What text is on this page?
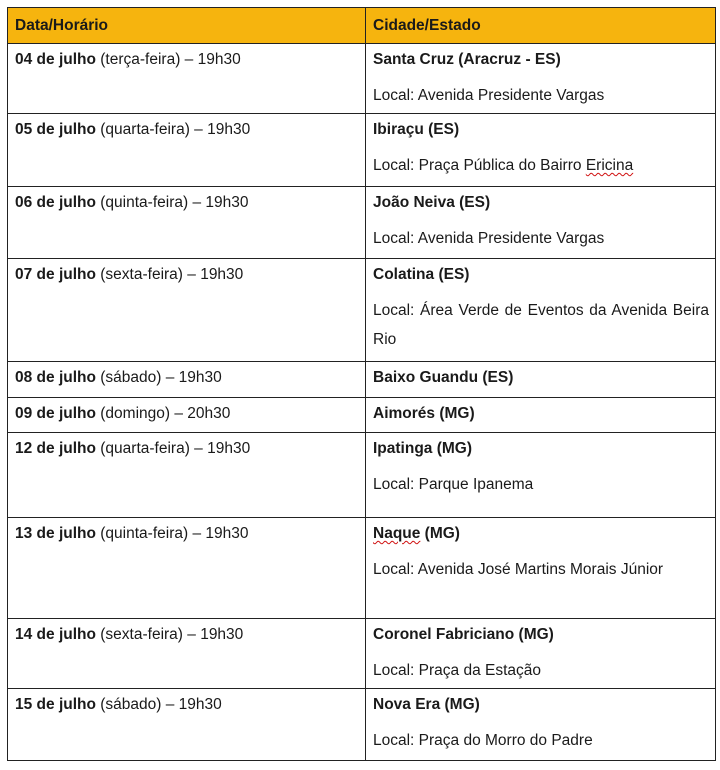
Data/Horário	Cidade/Estado
04 de julho (terça-feira) – 19h30	Santa Cruz (Aracruz - ES)
Local: Avenida Presidente Vargas

05 de julho (quarta-feira) – 19h30	Ibiraçu (ES)
Local: Praça Pública do Bairro Ericina

06 de julho (quinta-feira) – 19h30	João Neiva (ES)
Local: Avenida Presidente Vargas

07 de julho (sexta-feira) – 19h30	Colatina (ES)
Local: Área Verde de Eventos da Avenida Beira Rio

08 de julho (sábado) – 19h30	Baixo Guandu (ES)

09 de julho (domingo) – 20h30	Aimorés (MG)

12 de julho (quarta-feira) – 19h30	Ipatinga (MG)
Local: Parque Ipanema

13 de julho (quinta-feira) – 19h30	Naque (MG)
Local: Avenida José Martins Morais Júnior

14 de julho (sexta-feira) – 19h30	Coronel Fabriciano (MG)
Local: Praça da Estação

15 de julho (sábado) – 19h30	Nova Era (MG)
Local: Praça do Morro do Padre
